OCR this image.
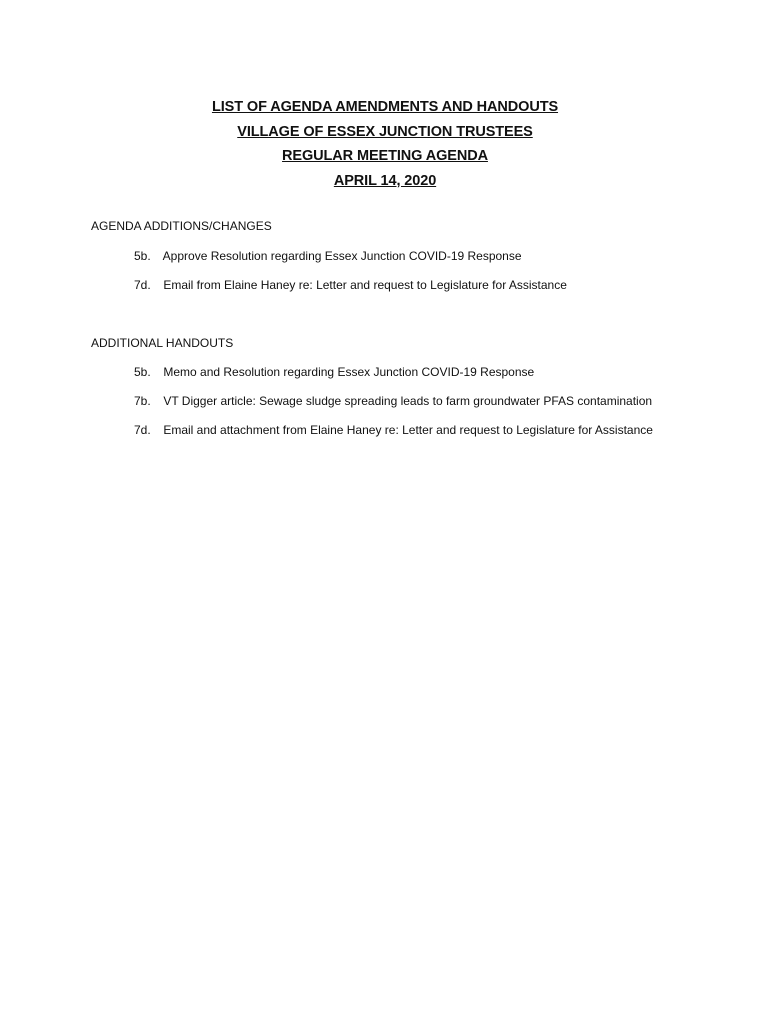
LIST OF AGENDA AMENDMENTS AND HANDOUTS
VILLAGE OF ESSEX JUNCTION TRUSTEES
REGULAR MEETING AGENDA
APRIL 14, 2020
AGENDA ADDITIONS/CHANGES
5b. Approve Resolution regarding Essex Junction COVID-19 Response
7d. Email from Elaine Haney re: Letter and request to Legislature for Assistance
ADDITIONAL HANDOUTS
5b. Memo and Resolution regarding Essex Junction COVID-19 Response
7b. VT Digger article: Sewage sludge spreading leads to farm groundwater PFAS contamination
7d. Email and attachment from Elaine Haney re: Letter and request to Legislature for Assistance
